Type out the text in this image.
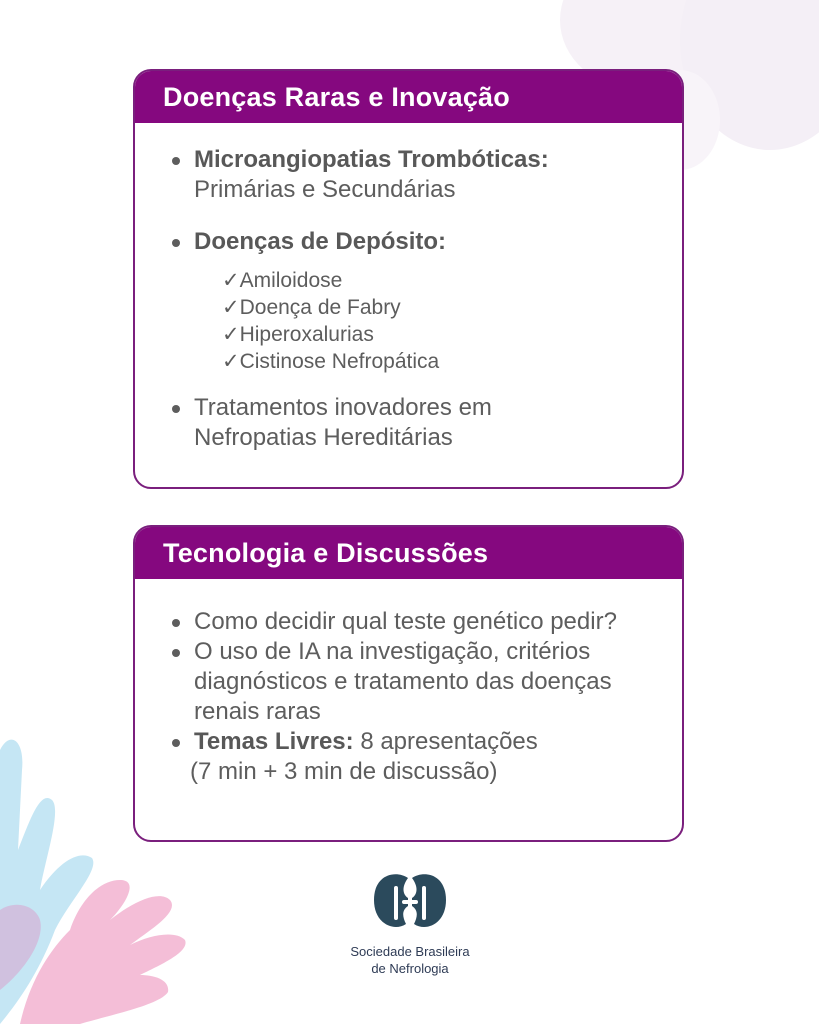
Doenças Raras e Inovação
Microangiopatias Trombóticas:
Primárias e Secundárias
Doenças de Depósito:
✓Amiloidose
✓Doença de Fabry
✓Hiperoxalurias
✓Cistinose Nefropática
Tratamentos inovadores em Nefropatias Hereditárias
Tecnologia e Discussões
Como decidir qual teste genético pedir?
O uso de IA na investigação, critérios diagnósticos e tratamento das doenças renais raras
Temas Livres: 8 apresentações
(7 min + 3 min de discussão)
Sociedade Brasileira
de Nefrologia
